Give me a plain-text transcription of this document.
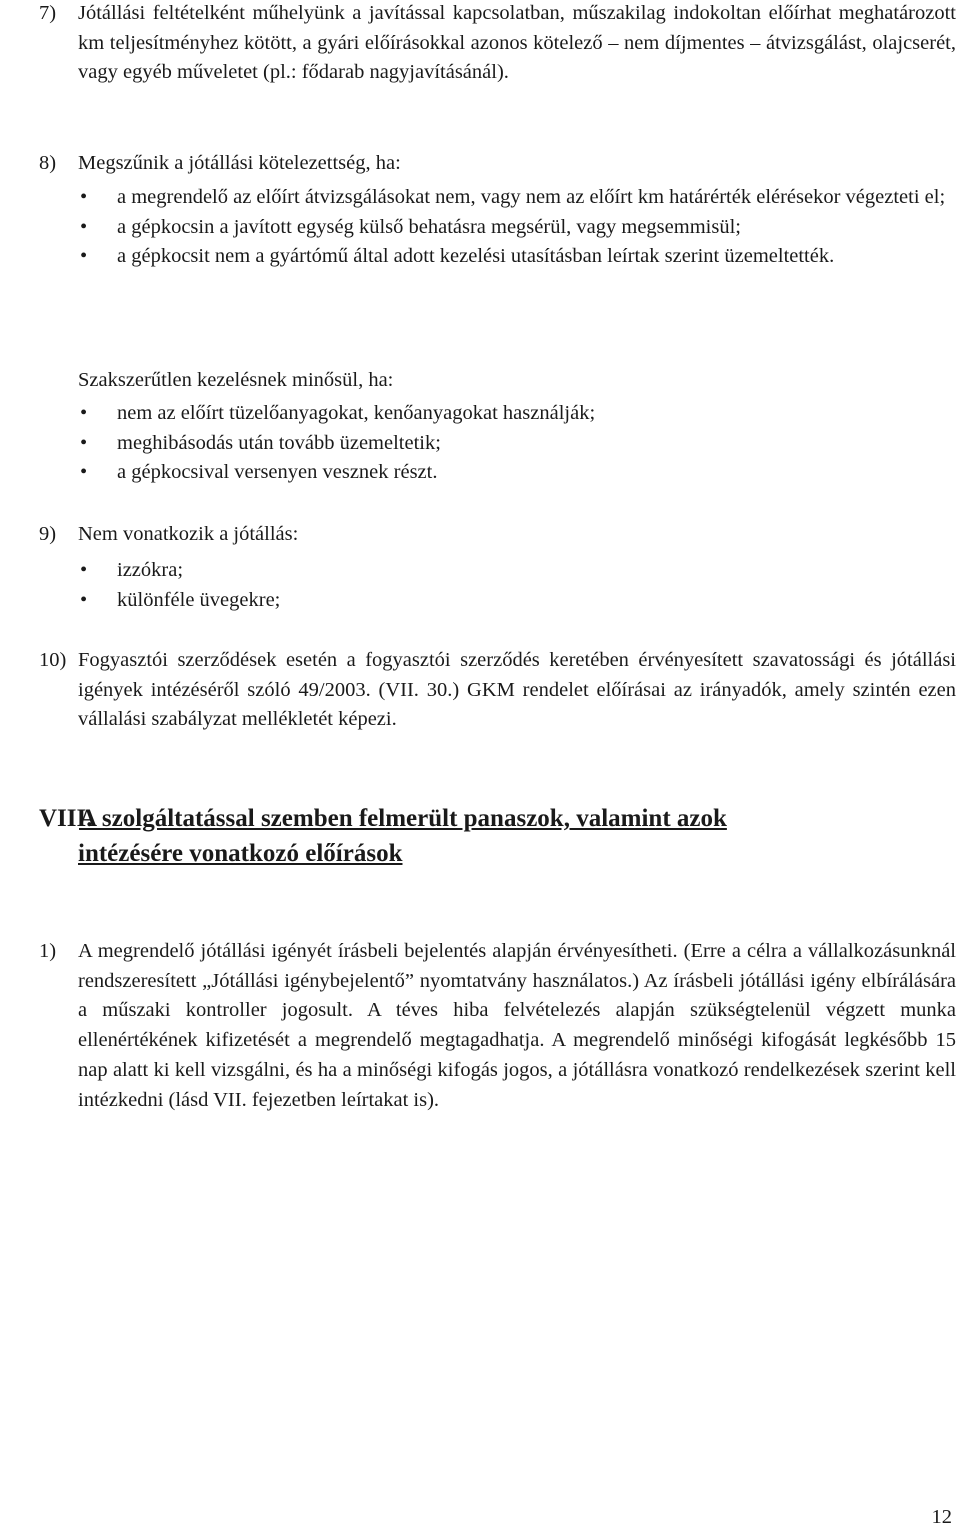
7) Jótállási feltételként műhelyünk a javítással kapcsolatban, műszakilag indokoltan előírhat meghatározott km teljesítményhez kötött, a gyári előírásokkal azonos kötelező – nem díjmentes – átvizsgálást, olajcserét, vagy egyéb műveletet (pl.: fődarab nagyjavításánál).
8) Megszűnik a jótállási kötelezettség, ha:
• a megrendelő az előírt átvizsgálásokat nem, vagy nem az előírt km határérték elérésekor végezteti el;
• a gépkocsin a javított egység külső behatásra megsérül, vagy megsemmisül;
• a gépkocsit nem a gyártómű által adott kezelési utasításban leírtak szerint üzemeltették.
Szakszerűtlen kezelésnek minősül, ha:
• nem az előírt tüzelőanyagokat, kenőanyagokat használják;
• meghibásodás után tovább üzemeltetik;
• a gépkocsival versenyen vesznek részt.
9) Nem vonatkozik a jótállás:
• izzókra;
• különféle üvegekre;
10) Fogyasztói szerződések esetén a fogyasztói szerződés keretében érvényesített szavatossági és jótállási igények intézéséről szóló 49/2003. (VII. 30.) GKM rendelet előírásai az irányadók, amely szintén ezen vállalási szabályzat mellékletét képezi.
VIII.
A szolgáltatással szemben felmerült panaszok, valamint azok
intézésére vonatkozó előírások
1) A megrendelő jótállási igényét írásbeli bejelentés alapján érvényesítheti. (Erre a célra a vállalkozásunknál rendszeresített „Jótállási igénybejelentő” nyomtatvány használatos.) Az írásbeli jótállási igény elbírálására a műszaki kontroller jogosult. A téves hiba felvételezés alapján szükségtelenül végzett munka ellenértékének kifizetését a megrendelő megtagadhatja. A megrendelő minőségi kifogását legkésőbb 15 nap alatt ki kell vizsgálni, és ha a minőségi kifogás jogos, a jótállásra vonatkozó rendelkezések szerint kell intézkedni (lásd VII. fejezetben leírtakat is).
12
